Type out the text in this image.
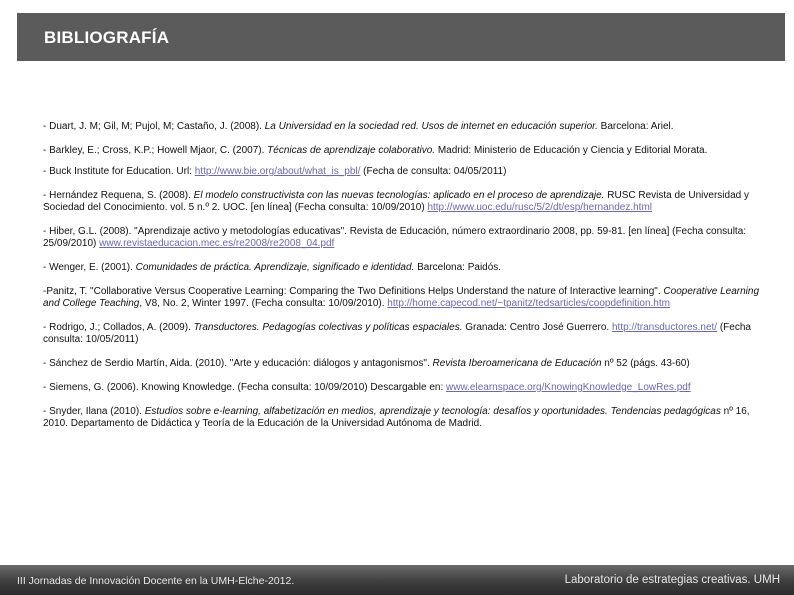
BIBLIOGRAFÍA
- Duart, J. M; Gil, M; Pujol, M; Castaño, J. (2008). La Universidad en la sociedad red. Usos de internet en educación superior. Barcelona: Ariel.
- Barkley, E.; Cross, K.P.; Howell Mjaor, C. (2007). Técnicas de aprendizaje colaborativo. Madrid: Ministerio de Educación y Ciencia y Editorial Morata.
- Buck Institute for Education. Url: http://www.bie.org/about/what_is_pbl/ (Fecha de consulta: 04/05/2011)
- Hernández Requena, S. (2008). El modelo constructivista con las nuevas tecnologías: aplicado en el proceso de aprendizaje. RUSC Revista de Universidad y Sociedad del Conocimiento. vol. 5 n.º 2. UOC. [en línea] (Fecha consulta: 10/09/2010) http://www.uoc.edu/rusc/5/2/dt/esp/hernandez.html
- Hiber, G.L. (2008). "Aprendizaje activo y metodologías educativas". Revista de Educación, número extraordinario 2008, pp. 59-81. [en línea] (Fecha consulta: 25/09/2010) www.revistaeducacion.mec.es/re2008/re2008_04.pdf
- Wenger, E. (2001). Comunidades de práctica. Aprendizaje, significado e identidad. Barcelona: Paidós.
-Panitz, T. "Collaborative Versus Cooperative Learning: Comparing the Two Definitions Helps Understand the nature of Interactive learning". Cooperative Learning and College Teaching, V8, No. 2, Winter 1997. (Fecha consulta: 10/09/2010). http://home.capecod.net/~tpanitz/tedsarticles/coopdefinition.htm
- Rodrigo, J.; Collados, A. (2009). Transductores. Pedagogías colectivas y políticas espaciales. Granada: Centro José Guerrero. http://transductores.net/ (Fecha consulta: 10/05/2011)
- Sánchez de Serdio Martín, Aida. (2010). "Arte y educación: diálogos y antagonismos". Revista Iberoamericana de Educación nº 52 (págs. 43-60)
- Siemens, G. (2006). Knowing Knowledge. (Fecha consulta: 10/09/2010) Descargable en: www.elearnspace.org/KnowingKnowledge_LowRes.pdf
- Snyder, Ilana (2010). Estudios sobre e-learning, alfabetización en medios, aprendizaje y tecnología: desafíos y oportunidades. Tendencias pedagógicas nº 16, 2010. Departamento de Didáctica y Teoría de la Educación de la Universidad Autónoma de Madrid.
III Jornadas de Innovación Docente en la UMH-Elche-2012.	Laboratorio de estrategias creativas. UMH
